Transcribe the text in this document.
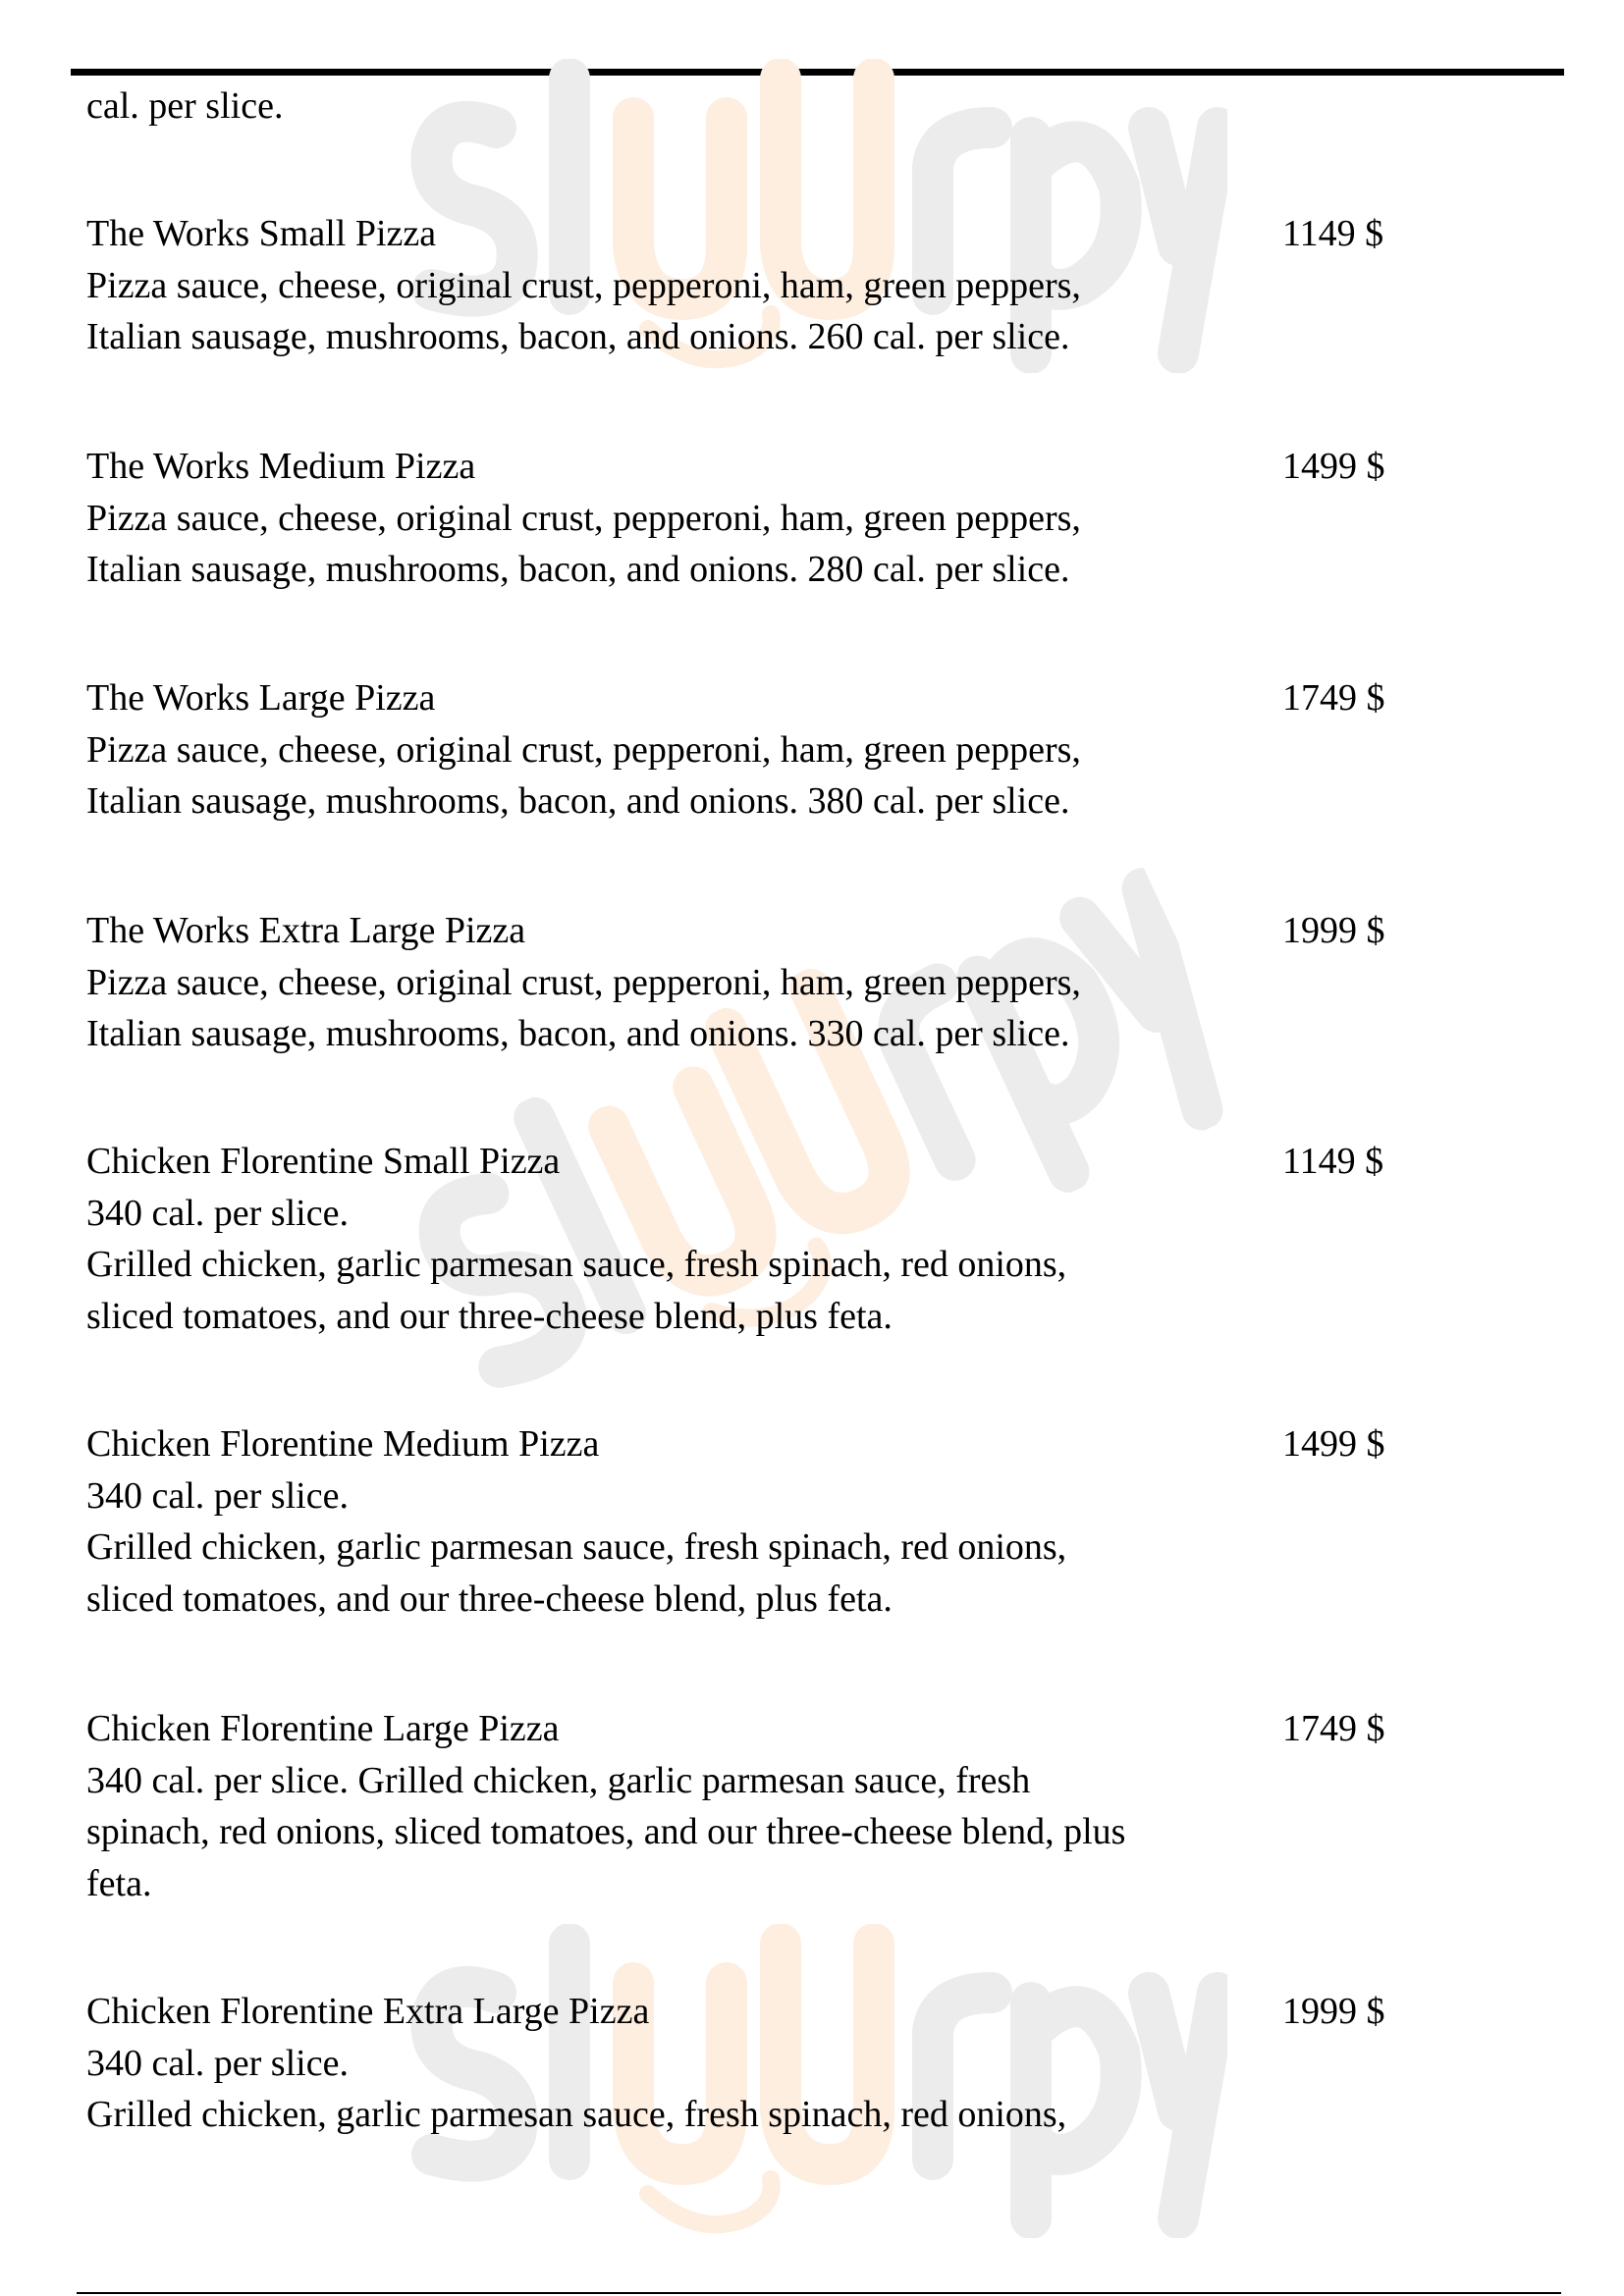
cal. per slice.
The Works Small Pizza	1149 $
Pizza sauce, cheese, original crust, pepperoni, ham, green peppers,
Italian sausage, mushrooms, bacon, and onions. 260 cal. per slice.
The Works Medium Pizza	1499 $
Pizza sauce, cheese, original crust, pepperoni, ham, green peppers,
Italian sausage, mushrooms, bacon, and onions. 280 cal. per slice.
The Works Large Pizza	1749 $
Pizza sauce, cheese, original crust, pepperoni, ham, green peppers,
Italian sausage, mushrooms, bacon, and onions. 380 cal. per slice.
The Works Extra Large Pizza	1999 $
Pizza sauce, cheese, original crust, pepperoni, ham, green peppers,
Italian sausage, mushrooms, bacon, and onions. 330 cal. per slice.
Chicken Florentine Small Pizza	1149 $
340 cal. per slice.
Grilled chicken, garlic parmesan sauce, fresh spinach, red onions,
sliced tomatoes, and our three-cheese blend, plus feta.
Chicken Florentine Medium Pizza	1499 $
340 cal. per slice.
Grilled chicken, garlic parmesan sauce, fresh spinach, red onions,
sliced tomatoes, and our three-cheese blend, plus feta.
Chicken Florentine Large Pizza	1749 $
340 cal. per slice. Grilled chicken, garlic parmesan sauce, fresh
spinach, red onions, sliced tomatoes, and our three-cheese blend, plus
feta.
Chicken Florentine Extra Large Pizza	1999 $
340 cal. per slice.
Grilled chicken, garlic parmesan sauce, fresh spinach, red onions,
